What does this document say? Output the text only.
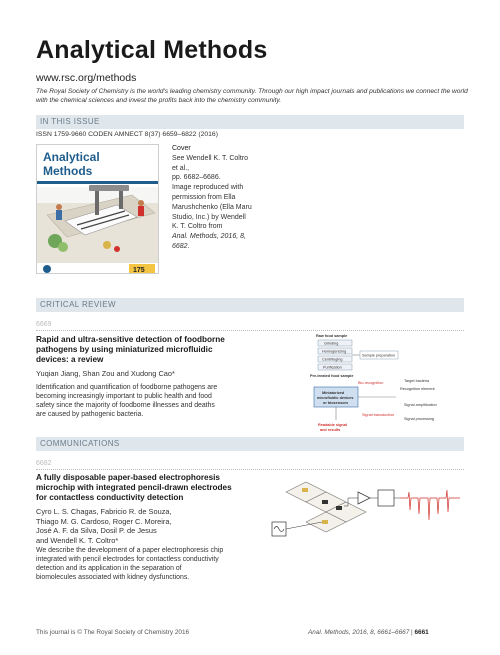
Analytical Methods
www.rsc.org/methods
The Royal Society of Chemistry is the world's leading chemistry community. Through our high impact journals and publications we connect the world with the chemical sciences and invest the profits back into the chemistry community.
IN THIS ISSUE
ISSN 1759-9660 CODEN AMNECT 8(37) 6659–6822 (2016)
Analytical
Methods
175
Cover
See Wendell K. T. Coltro et al.,
pp. 6682–6686.
Image reproduced with
permission from Ella
Marushchenko (Ella Maru
Studio, Inc.) by Wendell
K. T. Coltro from
Anal. Methods, 2016, 8, 6682.
CRITICAL REVIEW
6669
Rapid and ultra-sensitive detection of foodborne
pathogens by using miniaturized microfluidic
devices: a review
Yuqian Jiang, Shan Zou and Xudong Cao*
Identification and quantification of foodborne pathogens are
becoming increasingly important to public health and food
safety since the majority of foodborne illnesses and deaths
are caused by pathogenic bacteria.
Raw food sample
Grinding
Homogenizing
Centrifuging
Purification
Sample preparation
Pre-treated food sample
Bio-recognition
Miniaturized
microfluidic devices
or biosensors
Target bacteria
Recognition element
Signal amplification
Signal transduction
Signal processing
Readable signal
and results
COMMUNICATIONS
6682
A fully disposable paper-based electrophoresis
microchip with integrated pencil-drawn electrodes
for contactless conductivity detection
Cyro L. S. Chagas, Fabricio R. de Souza,
Thiago M. G. Cardoso, Roger C. Moreira,
José A. F. da Silva, Dosil P. de Jesus
and Wendell K. T. Coltro*
We describe the development of a paper electrophoresis chip
integrated with pencil electrodes for contactless conductivity
detection and its application in the separation of
biomolecules associated with kidney dysfunctions.
This journal is © The Royal Society of Chemistry 2016	Anal. Methods, 2016, 8, 6661–6667 | 6661
